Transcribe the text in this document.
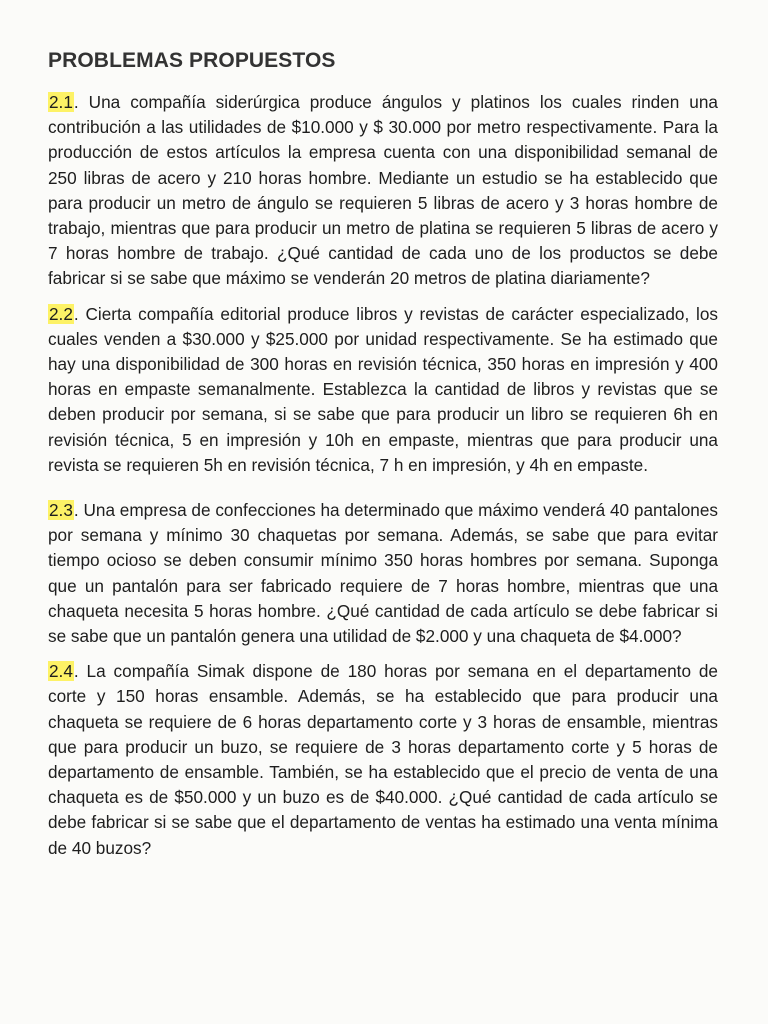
PROBLEMAS PROPUESTOS

2.1. Una compañía siderúrgica produce ángulos y platinos los cuales rinden una contribución a las utilidades de $10.000 y $ 30.000 por metro respectivamente. Para la producción de estos artículos la empresa cuenta con una disponibilidad semanal de 250 libras de acero y 210 horas hombre. Mediante un estudio se ha establecido que para producir un metro de ángulo se requieren 5 libras de acero y 3 horas hombre de trabajo, mientras que para producir un metro de platina se requieren 5 libras de acero y 7 horas hombre de trabajo. ¿Qué cantidad de cada uno de los productos se debe fabricar si se sabe que máximo se venderán 20 metros de platina diariamente?

2.2. Cierta compañía editorial produce libros y revistas de carácter especializado, los cuales venden a $30.000 y $25.000 por unidad respectivamente. Se ha estimado que hay una disponibilidad de 300 horas en revisión técnica, 350 horas en impresión y 400 horas en empaste semanalmente. Establezca la cantidad de libros y revistas que se deben producir por semana, si se sabe que para producir un libro se requieren 6h en revisión técnica, 5 en impresión y 10h en empaste, mientras que para producir una revista se requieren 5h en revisión técnica, 7 h en impresión, y 4h en empaste.

2.3. Una empresa de confecciones ha determinado que máximo venderá 40 pantalones por semana y mínimo 30 chaquetas por semana. Además, se sabe que para evitar tiempo ocioso se deben consumir mínimo 350 horas hombres por semana. Suponga que un pantalón para ser fabricado requiere de 7 horas hombre, mientras que una chaqueta necesita 5 horas hombre. ¿Qué cantidad de cada artículo se debe fabricar si se sabe que un pantalón genera una utilidad de $2.000 y una chaqueta de $4.000?

2.4. La compañía Simak dispone de 180 horas por semana en el departamento de corte y 150 horas ensamble. Además, se ha establecido que para producir una chaqueta se requiere de 6 horas departamento corte y 3 horas de ensamble, mientras que para producir un buzo, se requiere de 3 horas departamento corte y 5 horas de departamento de ensamble. También, se ha establecido que el precio de venta de una chaqueta es de $50.000 y un buzo es de $40.000. ¿Qué cantidad de cada artículo se debe fabricar si se sabe que el departamento de ventas ha estimado una venta mínima de 40 buzos?
